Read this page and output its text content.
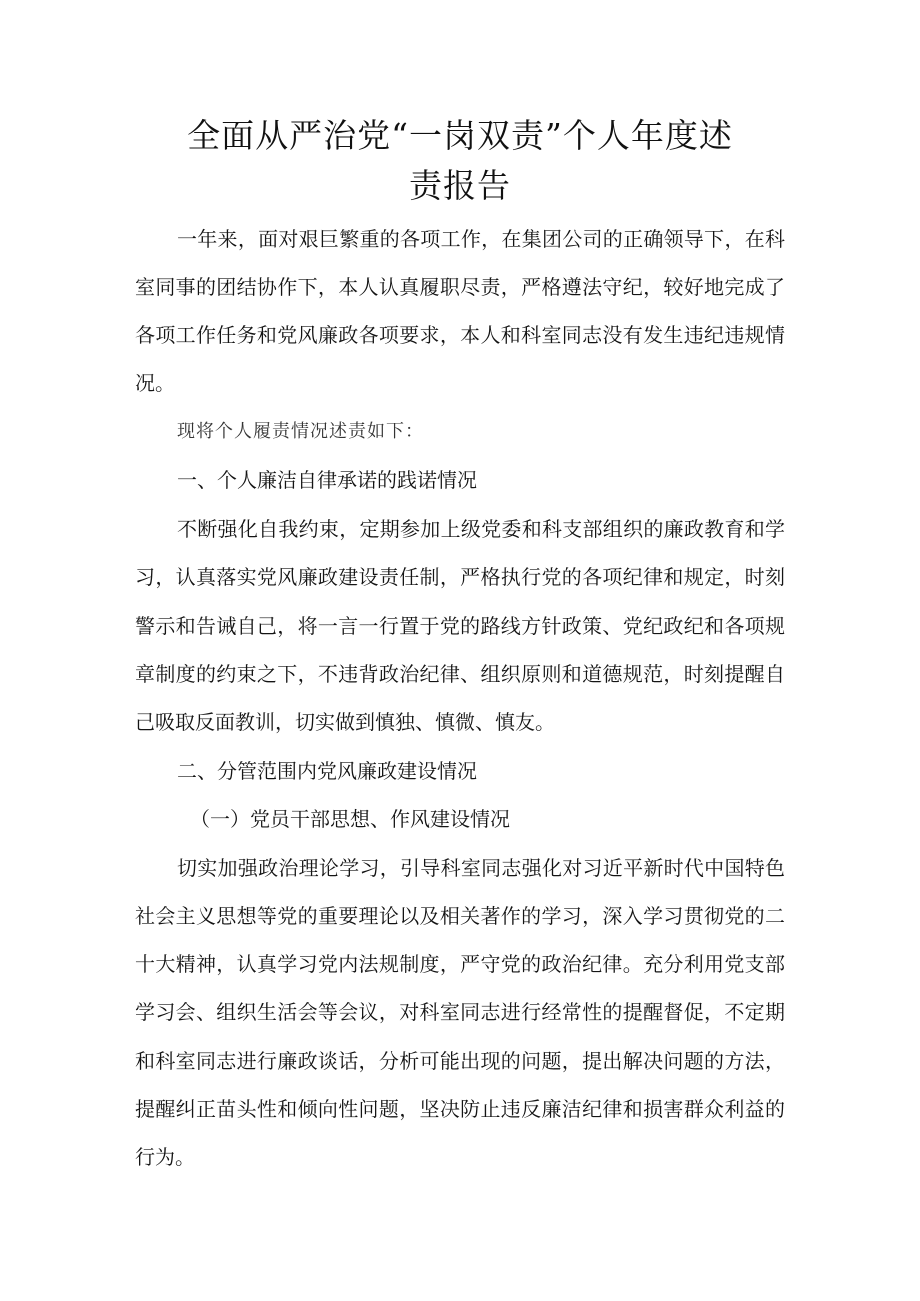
全面从严治党“一岗双责”个人年度述
责报告
一年来，面对艰巨繁重的各项工作，在集团公司的正确领导下，在科
室同事的团结协作下，本人认真履职尽责，严格遵法守纪，较好地完成了
各项工作任务和党风廉政各项要求，本人和科室同志没有发生违纪违规情
况。
现将个人履责情况述责如下：
一、个人廉洁自律承诺的践诺情况
不断强化自我约束，定期参加上级党委和科支部组织的廉政教育和学
习，认真落实党风廉政建设责任制，严格执行党的各项纪律和规定，时刻
警示和告诫自己，将一言一行置于党的路线方针政策、党纪政纪和各项规
章制度的约束之下，不违背政治纪律、组织原则和道德规范，时刻提醒自
己吸取反面教训，切实做到慎独、慎微、慎友。
二、分管范围内党风廉政建设情况
（一）党员干部思想、作风建设情况
切实加强政治理论学习，引导科室同志强化对习近平新时代中国特色
社会主义思想等党的重要理论以及相关著作的学习，深入学习贯彻党的二
十大精神，认真学习党内法规制度，严守党的政治纪律。充分利用党支部
学习会、组织生活会等会议，对科室同志进行经常性的提醒督促，不定期
和科室同志进行廉政谈话，分析可能出现的问题，提出解决问题的方法，
提醒纠正苗头性和倾向性问题，坚决防止违反廉洁纪律和损害群众利益的
行为。
